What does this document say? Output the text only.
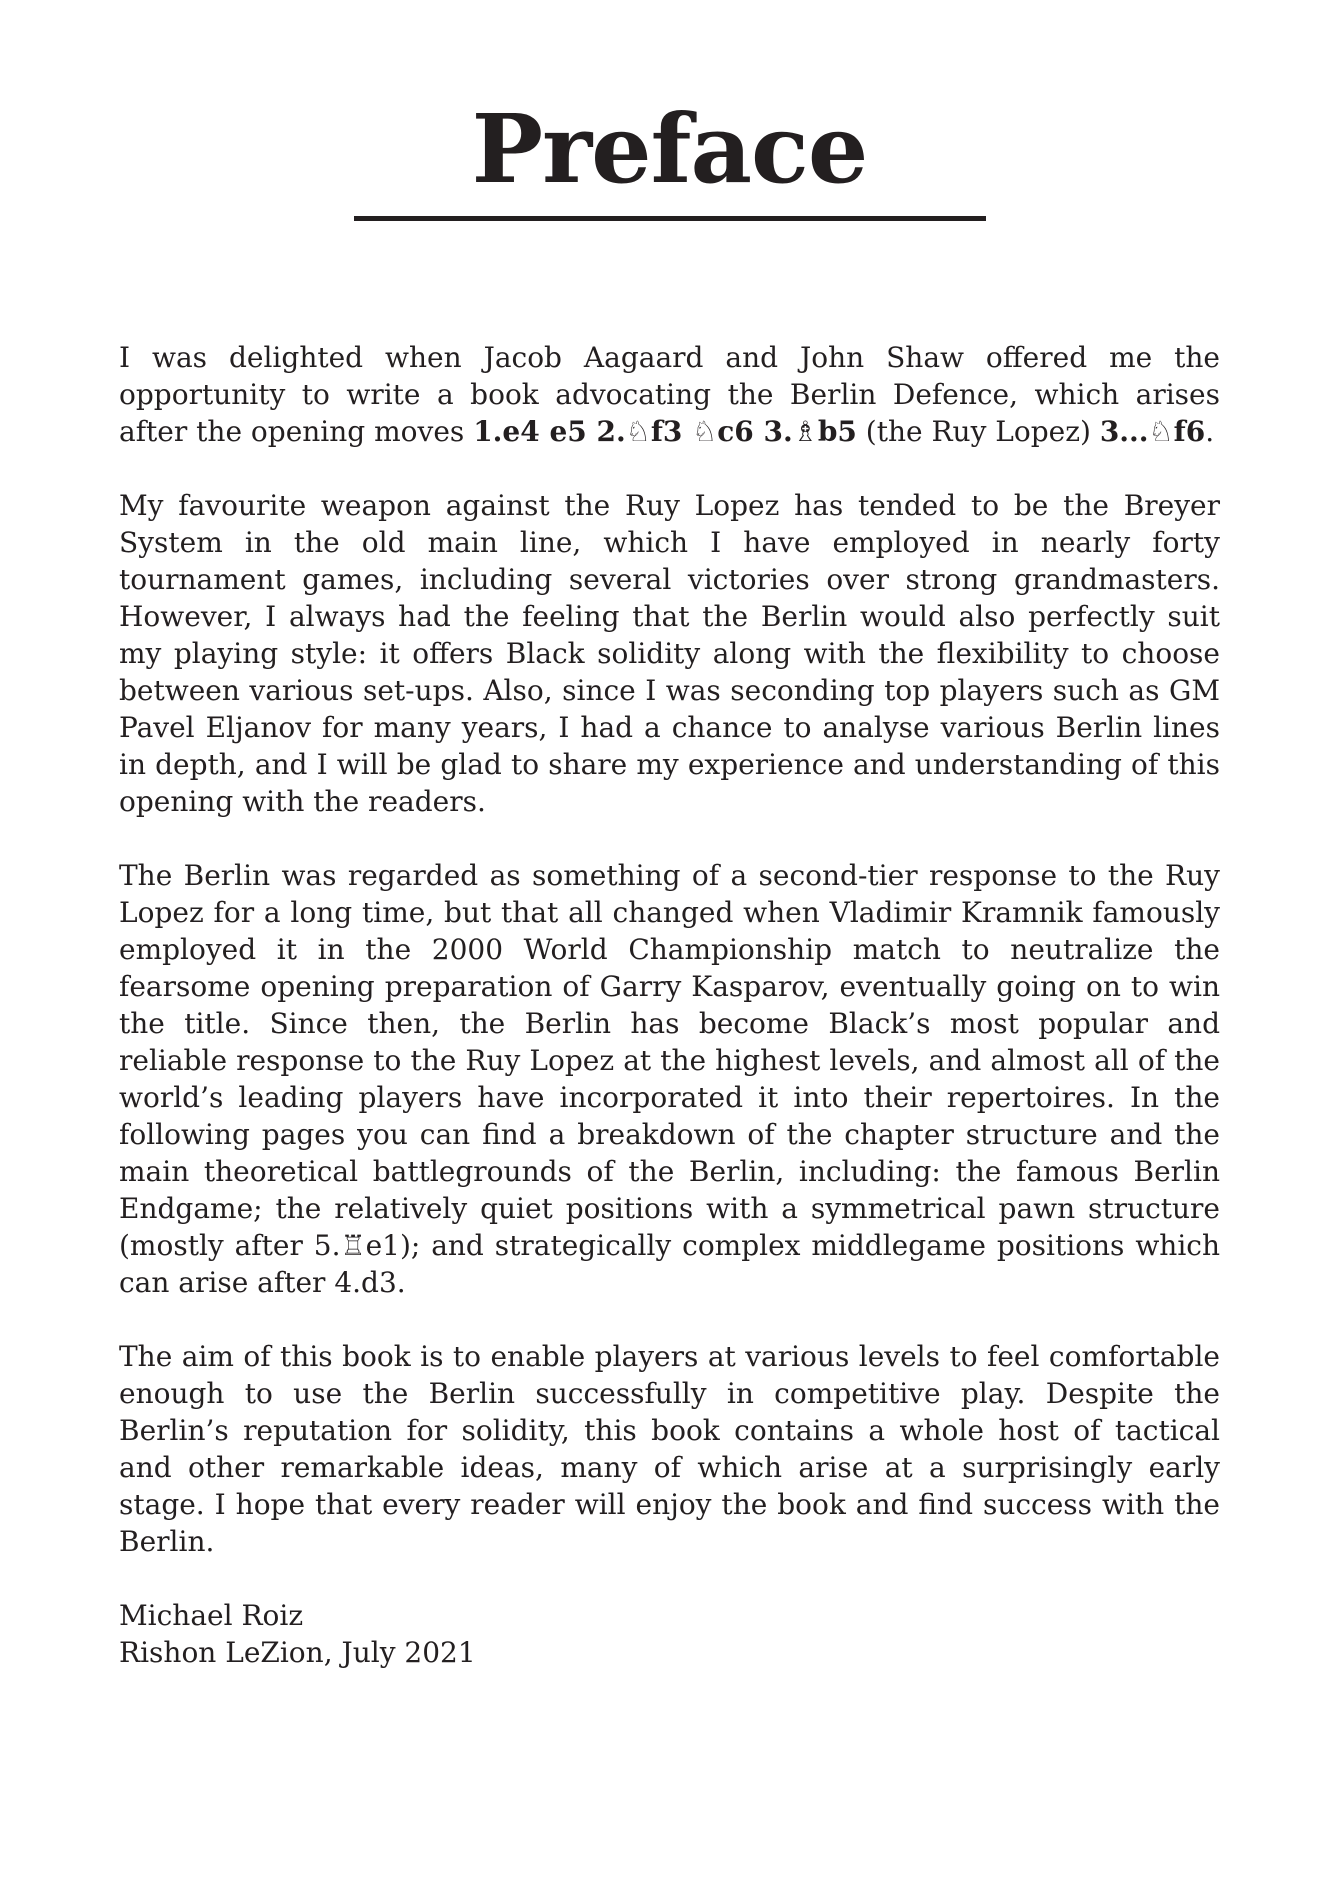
Preface

I was delighted when Jacob Aagaard and John Shaw offered me the opportunity to write a book advocating the Berlin Defence, which arises after the opening moves 1.e4 e5 2.♘f3 ♘c6 3.♗b5 (the Ruy Lopez) 3...♘f6.

My favourite weapon against the Ruy Lopez has tended to be the Breyer System in the old main line, which I have employed in nearly forty tournament games, including several victories over strong grandmasters. However, I always had the feeling that the Berlin would also perfectly suit my playing style: it offers Black solidity along with the flexibility to choose between various set-ups. Also, since I was seconding top players such as GM Pavel Eljanov for many years, I had a chance to analyse various Berlin lines in depth, and I will be glad to share my experience and understanding of this opening with the readers.

The Berlin was regarded as something of a second-tier response to the Ruy Lopez for a long time, but that all changed when Vladimir Kramnik famously employed it in the 2000 World Championship match to neutralize the fearsome opening preparation of Garry Kasparov, eventually going on to win the title. Since then, the Berlin has become Black’s most popular and reliable response to the Ruy Lopez at the highest levels, and almost all of the world’s leading players have incorporated it into their repertoires. In the following pages you can find a breakdown of the chapter structure and the main theoretical battlegrounds of the Berlin, including: the famous Berlin Endgame; the relatively quiet positions with a symmetrical pawn structure (mostly after 5.♖e1); and strategically complex middlegame positions which can arise after 4.d3.

The aim of this book is to enable players at various levels to feel comfortable enough to use the Berlin successfully in competitive play. Despite the Berlin’s reputation for solidity, this book contains a whole host of tactical and other remarkable ideas, many of which arise at a surprisingly early stage. I hope that every reader will enjoy the book and find success with the Berlin.

Michael Roiz

Rishon LeZion, July 2021
